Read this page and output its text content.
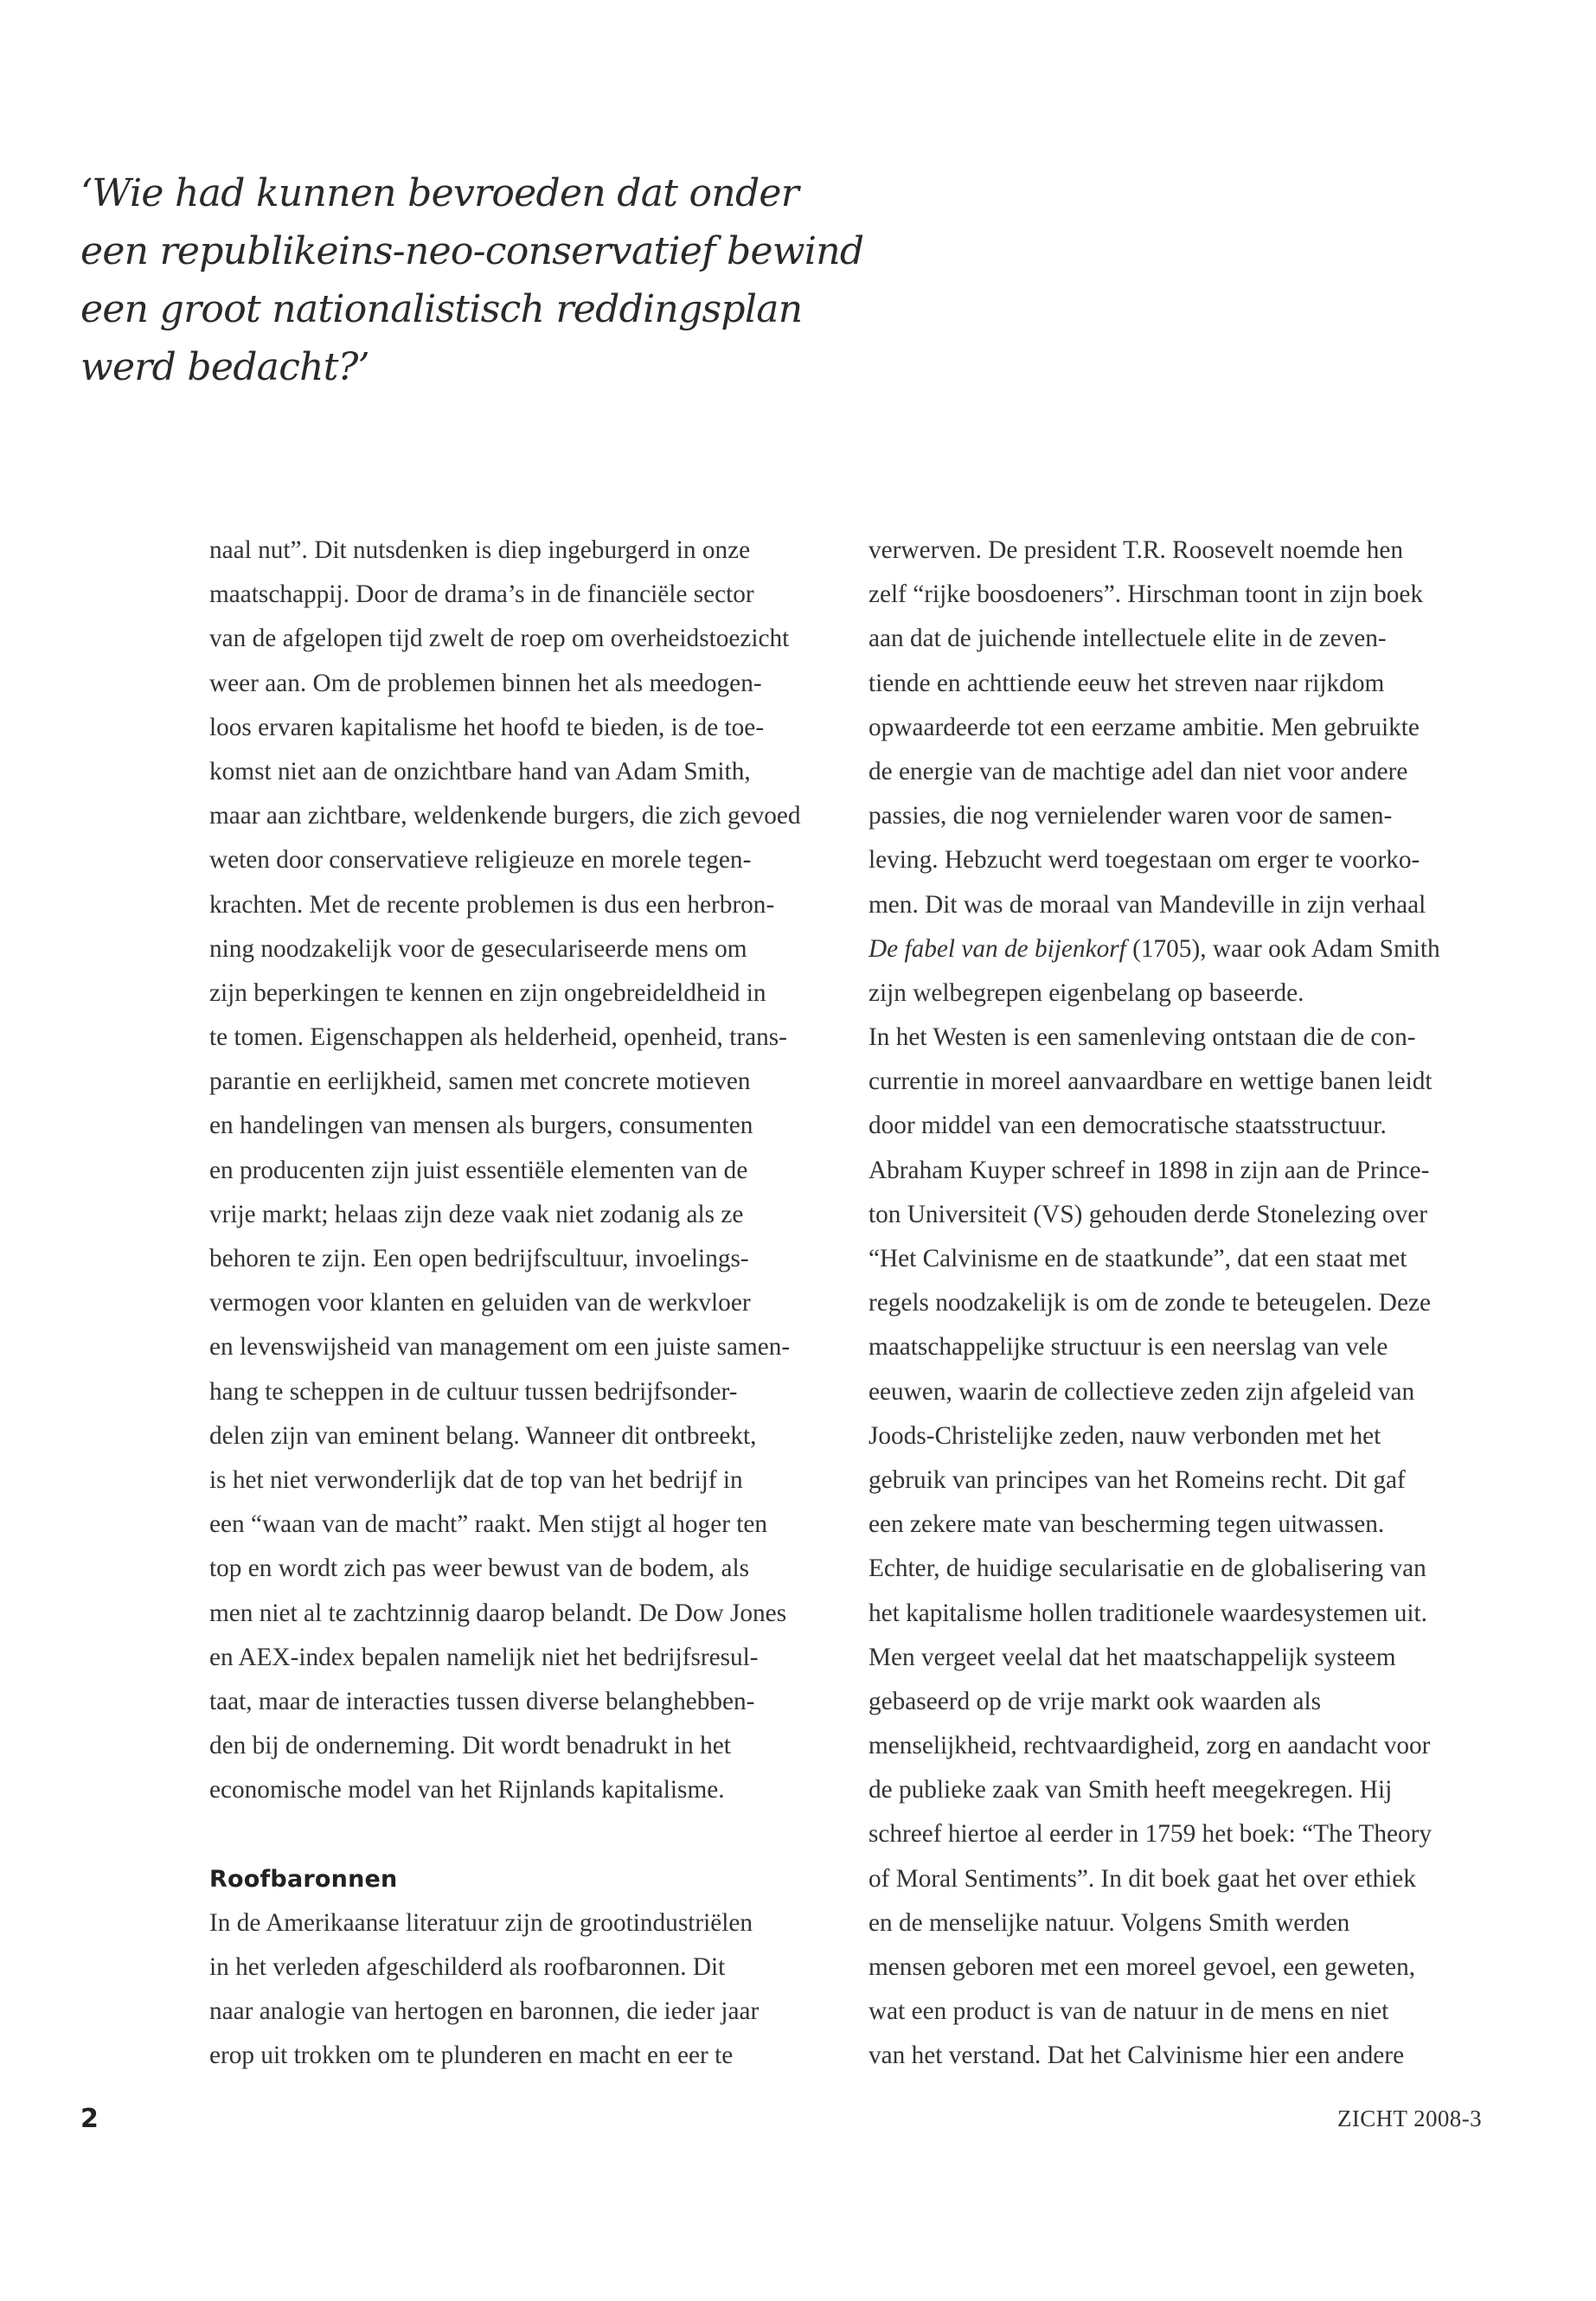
‘Wie had kunnen bevroeden dat onder
een republikeins-neo-conservatief bewind
een groot nationalistisch reddingsplan
werd bedacht?’
naal nut”. Dit nutsdenken is diep ingeburgerd in onze
maatschappij. Door de drama’s in de financiële sector
van de afgelopen tijd zwelt de roep om overheidstoezicht
weer aan. Om de problemen binnen het als meedogen-
loos ervaren kapitalisme het hoofd te bieden, is de toe-
komst niet aan de onzichtbare hand van Adam Smith,
maar aan zichtbare, weldenkende burgers, die zich gevoed
weten door conservatieve religieuze en morele tegen-
krachten. Met de recente problemen is dus een herbron-
ning noodzakelijk voor de geseculariseerde mens om
zijn beperkingen te kennen en zijn ongebreideldheid in
te tomen. Eigenschappen als helderheid, openheid, trans-
parantie en eerlijkheid, samen met concrete motieven
en handelingen van mensen als burgers, consumenten
en producenten zijn juist essentiële elementen van de
vrije markt; helaas zijn deze vaak niet zodanig als ze
behoren te zijn. Een open bedrijfscultuur, invoelings-
vermogen voor klanten en geluiden van de werkvloer
en levenswijsheid van management om een juiste samen-
hang te scheppen in de cultuur tussen bedrijfsonder-
delen zijn van eminent belang. Wanneer dit ontbreekt,
is het niet verwonderlijk dat de top van het bedrijf in
een “waan van de macht” raakt. Men stijgt al hoger ten
top en wordt zich pas weer bewust van de bodem, als
men niet al te zachtzinnig daarop belandt. De Dow Jones
en AEX-index bepalen namelijk niet het bedrijfsresul-
taat, maar de interacties tussen diverse belanghebben-
den bij de onderneming. Dit wordt benadrukt in het
economische model van het Rijnlands kapitalisme.
Roofbaronnen
In de Amerikaanse literatuur zijn de grootindustriëlen
in het verleden afgeschilderd als roofbaronnen. Dit
naar analogie van hertogen en baronnen, die ieder jaar
erop uit trokken om te plunderen en macht en eer te
verwerven. De president T.R. Roosevelt noemde hen
zelf “rijke boosdoeners”. Hirschman toont in zijn boek
aan dat de juichende intellectuele elite in de zeven-
tiende en achttiende eeuw het streven naar rijkdom
opwaardeerde tot een eerzame ambitie. Men gebruikte
de energie van de machtige adel dan niet voor andere
passies, die nog vernielender waren voor de samen-
leving. Hebzucht werd toegestaan om erger te voorko-
men. Dit was de moraal van Mandeville in zijn verhaal
De fabel van de bijenkorf (1705), waar ook Adam Smith
zijn welbegrepen eigenbelang op baseerde.
In het Westen is een samenleving ontstaan die de con-
currentie in moreel aanvaardbare en wettige banen leidt
door middel van een democratische staatsstructuur.
Abraham Kuyper schreef in 1898 in zijn aan de Prince-
ton Universiteit (VS) gehouden derde Stonelezing over
“Het Calvinisme en de staatkunde”, dat een staat met
regels noodzakelijk is om de zonde te beteugelen. Deze
maatschappelijke structuur is een neerslag van vele
eeuwen, waarin de collectieve zeden zijn afgeleid van
Joods-Christelijke zeden, nauw verbonden met het
gebruik van principes van het Romeins recht. Dit gaf
een zekere mate van bescherming tegen uitwassen.
Echter, de huidige secularisatie en de globalisering van
het kapitalisme hollen traditionele waardesystemen uit.
Men vergeet veelal dat het maatschappelijk systeem
gebaseerd op de vrije markt ook waarden als
menselijkheid, rechtvaardigheid, zorg en aandacht voor
de publieke zaak van Smith heeft meegekregen. Hij
schreef hiertoe al eerder in 1759 het boek: “The Theory
of Moral Sentiments”. In dit boek gaat het over ethiek
en de menselijke natuur. Volgens Smith werden
mensen geboren met een moreel gevoel, een geweten,
wat een product is van de natuur in de mens en niet
van het verstand. Dat het Calvinisme hier een andere
2	ZICHT 2008-3
